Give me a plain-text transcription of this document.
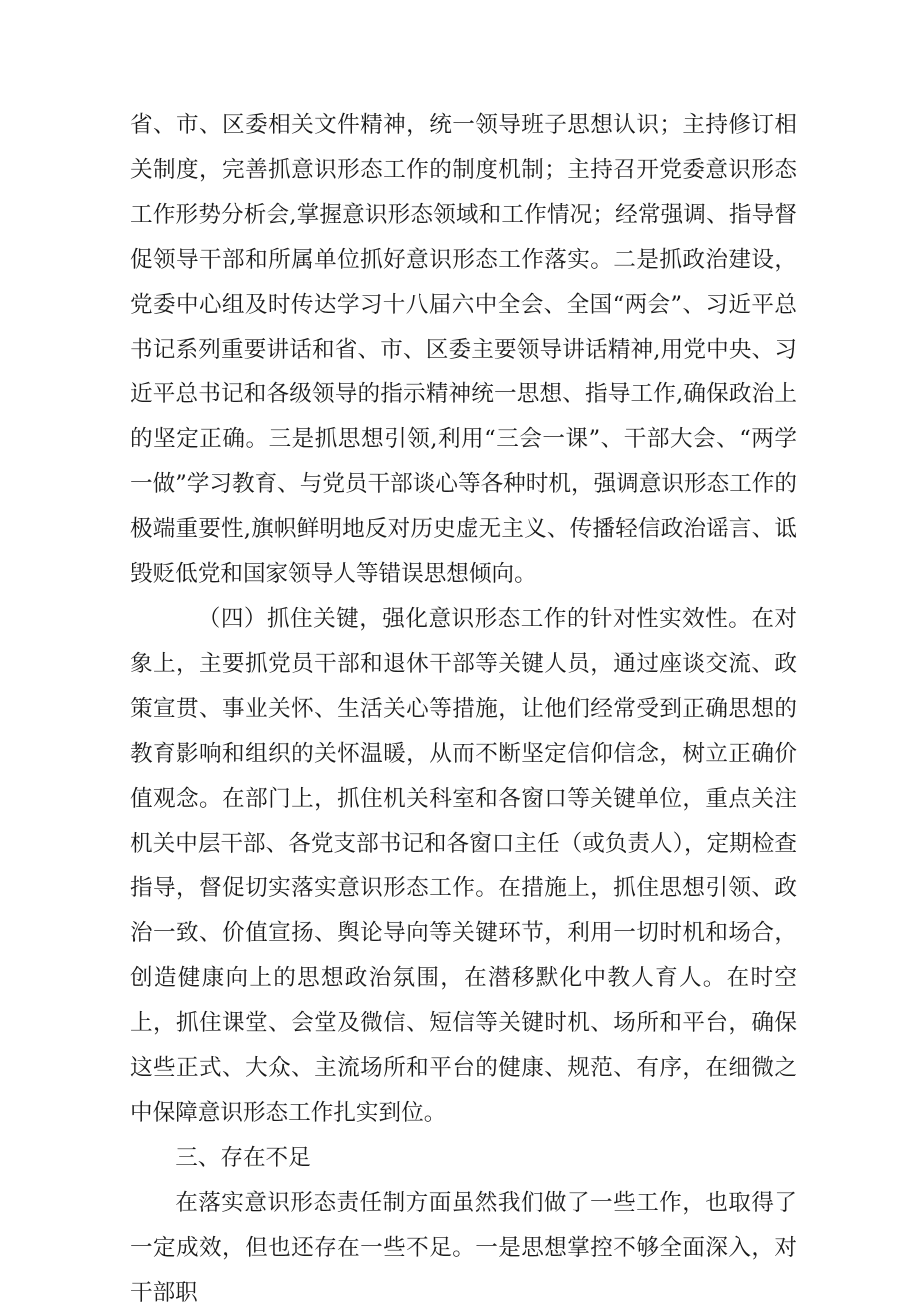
省、市、区委相关文件精神，统一领导班子思想认识；主持修订相关制度，完善抓意识形态工作的制度机制；主持召开党委意识形态工作形势分析会,掌握意识形态领域和工作情况；经常强调、指导督促领导干部和所属单位抓好意识形态工作落实。二是抓政治建设，党委中心组及时传达学习十八届六中全会、全国“两会”、习近平总书记系列重要讲话和省、市、区委主要领导讲话精神,用党中央、习近平总书记和各级领导的指示精神统一思想、指导工作,确保政治上的坚定正确。三是抓思想引领,利用“三会一课”、干部大会、“两学一做”学习教育、与党员干部谈心等各种时机，强调意识形态工作的极端重要性,旗帜鲜明地反对历史虚无主义、传播轻信政治谣言、诋毁贬低党和国家领导人等错误思想倾向。

（四）抓住关键，强化意识形态工作的针对性实效性。在对象上，主要抓党员干部和退休干部等关键人员，通过座谈交流、政策宣贯、事业关怀、生活关心等措施，让他们经常受到正确思想的教育影响和组织的关怀温暖，从而不断坚定信仰信念，树立正确价值观念。在部门上，抓住机关科室和各窗口等关键单位，重点关注机关中层干部、各党支部书记和各窗口主任（或负责人），定期检查指导，督促切实落实意识形态工作。在措施上，抓住思想引领、政治一致、价值宣扬、舆论导向等关键环节，利用一切时机和场合，创造健康向上的思想政治氛围，在潜移默化中教人育人。在时空上，抓住课堂、会堂及微信、短信等关键时机、场所和平台，确保这些正式、大众、主流场所和平台的健康、规范、有序，在细微之中保障意识形态工作扎实到位。

三、存在不足

在落实意识形态责任制方面虽然我们做了一些工作，也取得了一定成效，但也还存在一些不足。一是思想掌控不够全面深入，对干部职
